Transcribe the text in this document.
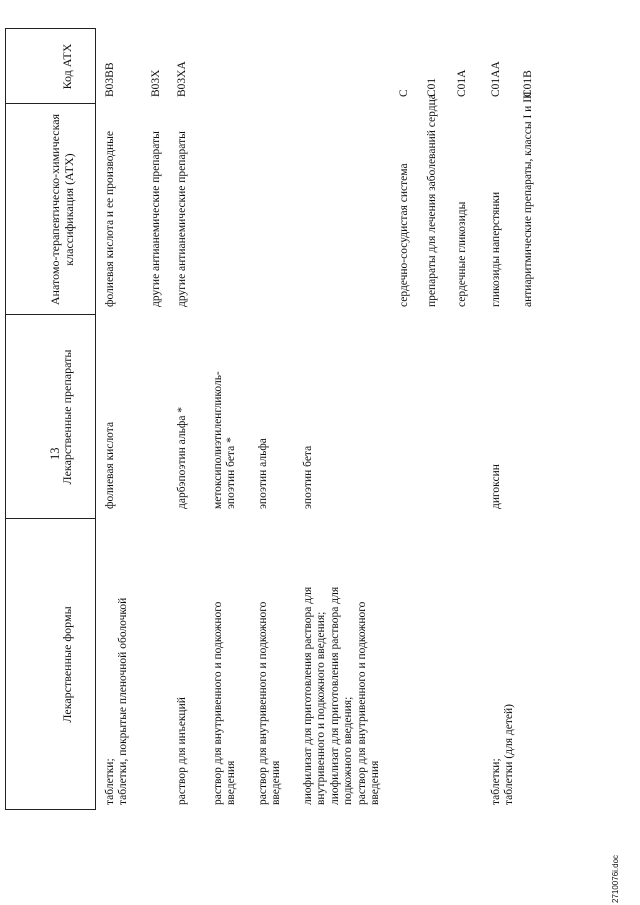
13
2710076i.doc
Код АТХ
Анатомо-терапевтическо-химическая классификация (АТХ)
Лекарственные препараты
Лекарственные формы
B03BB
фолиевая кислота и ее производные
фолиевая кислота
таблетки; таблетки, покрытые пленочной оболочкой
B03X
другие антианемические препараты
B03XA
другие антианемические препараты
дарбэпоэтин альфа *
раствор для инъекций
метоксиполиэтиленгликоль- эпоэтин бета *
раствор для внутривенного и подкожного введения
эпоэтин альфа
раствор для внутривенного и подкожного введения
эпоэтин бета
лиофилизат для приготовления раствора для внутривенного и подкожного введения; лиофилизат для приготовления раствора для подкожного введения; раствор для внутривенного и подкожного введения
C
сердечно-сосудистая система
C01
препараты для лечения заболеваний сердца
C01A
сердечные гликозиды
C01AA
гликозиды наперстянки
дигоксин
таблетки; таблетки (для детей)
C01B
антиаритмические препараты, классы I и III
